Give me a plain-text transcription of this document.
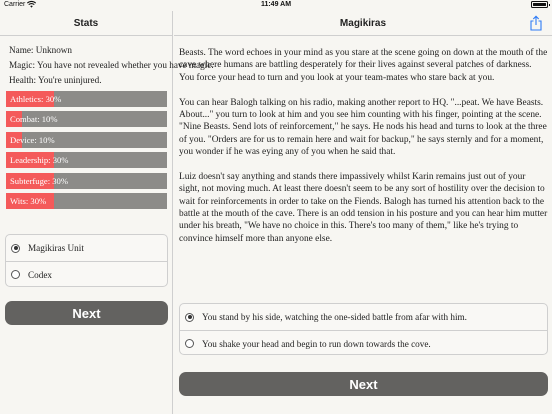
Carrier	11:49 AM
Stats
Name: Unknown
Magic: You have not revealed whether you have magic.
Health: You're uninjured.
Athletics: 30%
Combat: 10%
Device: 10%
Leadership: 30%
Subterfuge: 30%
Wits: 30%
Magikiras Unit
Codex
Next
Magikiras

Beasts. The word echoes in your mind as you stare at the scene going on down at the mouth of the cave where humans are battling desperately for their lives against several patches of darkness. You force your head to turn and you look at your team-mates who stare back at you.

You can hear Balogh talking on his radio, making another report to HQ. "...peat. We have Beasts. About..." you turn to look at him and you see him counting with his finger, pointing at the scene. "Nine Beasts. Send lots of reinforcement," he says. He nods his head and turns to look at the three of you. "Orders are for us to remain here and wait for backup," he says sternly and for a moment, you wonder if he was eying any of you when he said that.

Luiz doesn't say anything and stands there impassively whilst Karin remains just out of your sight, not moving much. At least there doesn't seem to be any sort of hostility over the decision to wait for reinforcements in order to take on the Fiends. Balogh has turned his attention back to the battle at the mouth of the cave. There is an odd tension in his posture and you can hear him mutter under his breath, "We have no choice in this. There's too many of them," like he's trying to convince himself more than anyone else.

You stand by his side, watching the one-sided battle from afar with him.
You shake your head and begin to run down towards the cove.
Next
